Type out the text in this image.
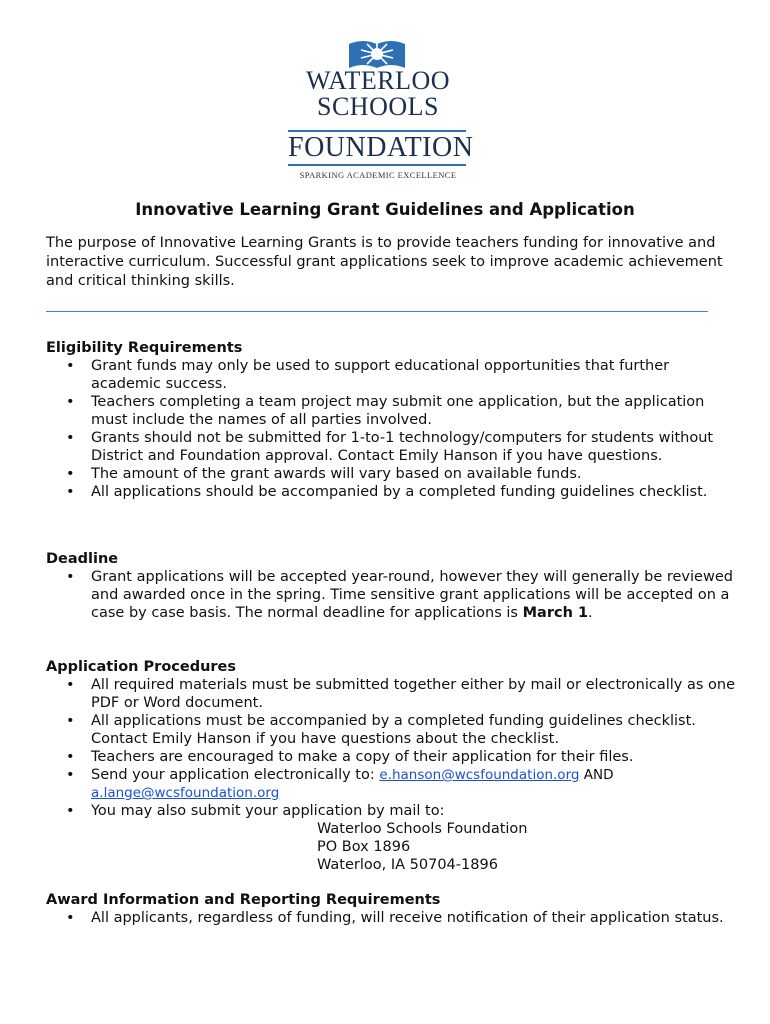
WATERLOO
SCHOOLS
FOUNDATION
SPARKING ACADEMIC EXCELLENCE
Innovative Learning Grant Guidelines and Application
The purpose of Innovative Learning Grants is to provide teachers funding for innovative and interactive curriculum. Successful grant applications seek to improve academic achievement and critical thinking skills.
Eligibility Requirements
• Grant funds may only be used to support educational opportunities that further academic success.
• Teachers completing a team project may submit one application, but the application must include the names of all parties involved.
• Grants should not be submitted for 1-to-1 technology/computers for students without District and Foundation approval. Contact Emily Hanson if you have questions.
• The amount of the grant awards will vary based on available funds.
• All applications should be accompanied by a completed funding guidelines checklist.
Deadline
• Grant applications will be accepted year-round, however they will generally be reviewed and awarded once in the spring. Time sensitive grant applications will be accepted on a case by case basis. The normal deadline for applications is March 1.
Application Procedures
• All required materials must be submitted together either by mail or electronically as one PDF or Word document.
• All applications must be accompanied by a completed funding guidelines checklist. Contact Emily Hanson if you have questions about the checklist.
• Teachers are encouraged to make a copy of their application for their files.
• Send your application electronically to: e.hanson@wcsfoundation.org AND
a.lange@wcsfoundation.org
• You may also submit your application by mail to:
Waterloo Schools Foundation
PO Box 1896
Waterloo, IA 50704-1896
Award Information and Reporting Requirements
• All applicants, regardless of funding, will receive notification of their application status.
